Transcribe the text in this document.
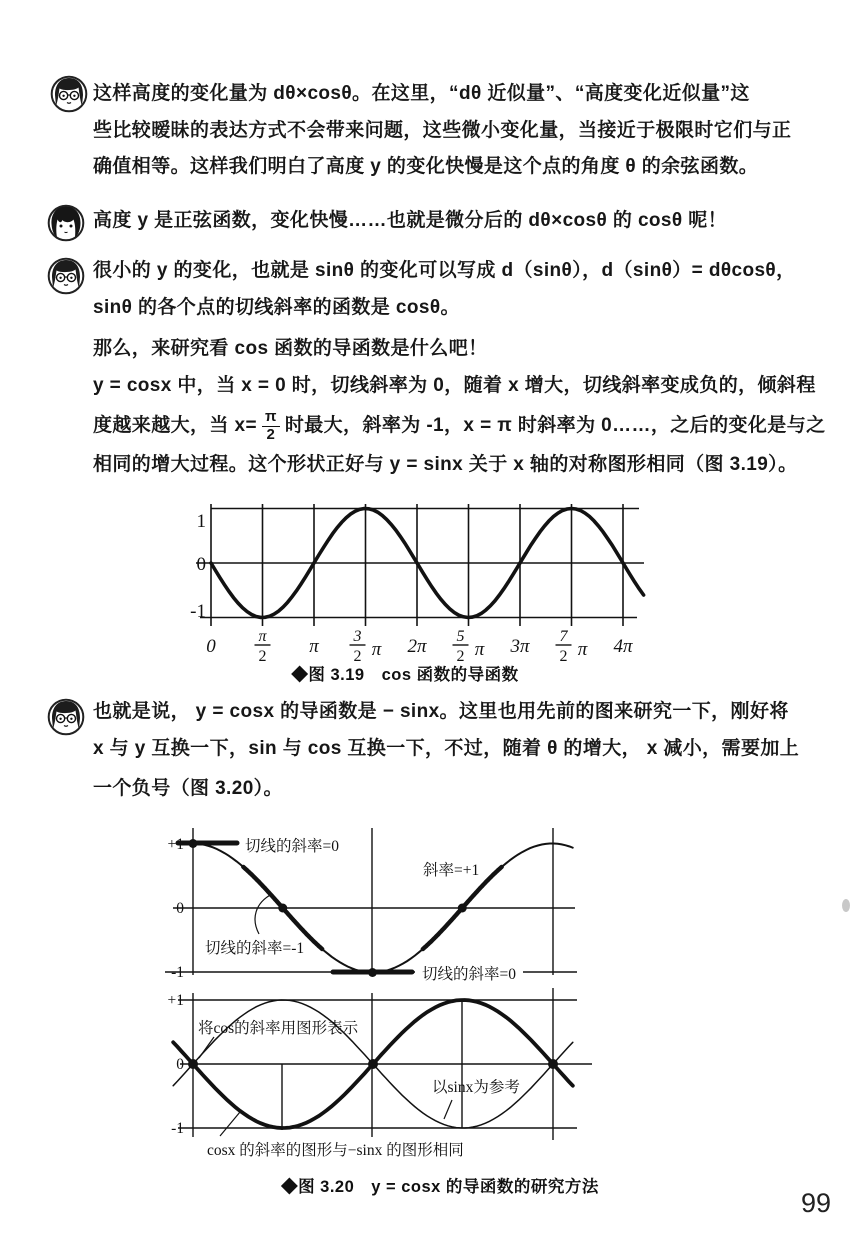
这样高度的变化量为 dθ×cosθ。在这里，“dθ 近似量”、“高度变化近似量”这
些比较暧昧的表达方式不会带来问题，这些微小变化量，当接近于极限时它们与正
确值相等。这样我们明白了高度 y 的变化快慢是这个点的角度 θ 的余弦函数。
高度 y 是正弦函数，变化快慢……也就是微分后的 dθ×cosθ 的 cosθ 呢！
很小的 y 的变化，也就是 sinθ 的变化可以写成 d（sinθ），d（sinθ）= dθcosθ，
sinθ 的各个点的切线斜率的函数是 cosθ。
那么，来研究看 cos 函数的导函数是什么吧！
y = cosx 中，当 x = 0 时，切线斜率为 0，随着 x 增大，切线斜率变成负的，倾斜程
度越来越大，当 $x= \frac{\pi}{2}$ 时最大，斜率为 -1，x = π 时斜率为 0……，之后的变化是与之
相同的增大过程。这个形状正好与 y = sinx 关于 x 轴的对称图形相同（图 3.19）。
也就是说， y = cosx 的导函数是 − sinx。这里也用先前的图来研究一下，刚好将
x 与 y 互换一下，sin 与 cos 互换一下，不过，随着 θ 的增大， x 减小，需要加上
一个负号（图 3.20）。
1
0
-1
0	π
2 π 3
2 π 2π 5
2 π 3π 7
2 π 4π
◆图 3.19　cos 函数的导函数
切线的斜率=0
斜率=+1
切线的斜率=-1
切线的斜率=0
+1
0
-1
+1
0
-1
将cos的斜率用图形表示
以sinx为参考
cosx 的斜率的图形与−sinx 的图形相同
◆图 3.20　y = cosx 的导函数的研究方法
99
